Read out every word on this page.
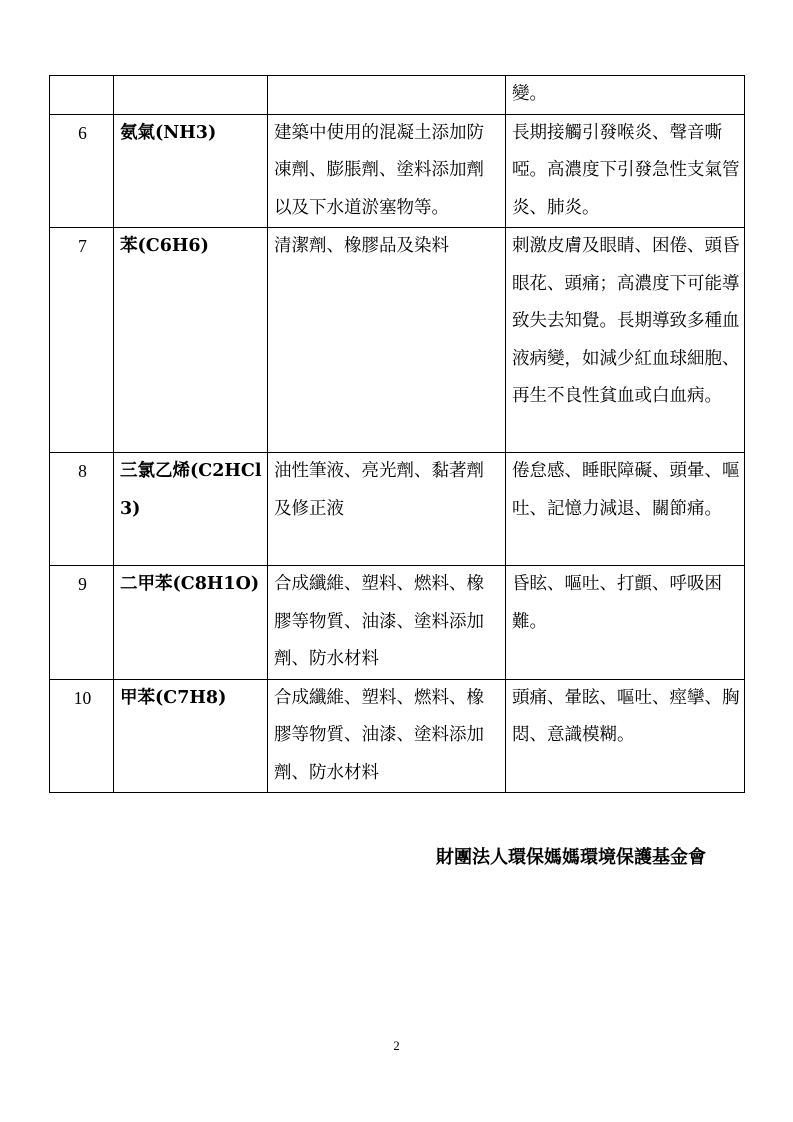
			變。
6	氨氣(NH3)	建築中使用的混凝土添加防凍劑、膨脹劑、塗料添加劑以及下水道淤塞物等。	長期接觸引發喉炎、聲音嘶啞。高濃度下引發急性支氣管炎、肺炎。
7	苯(C6H6)	清潔劑、橡膠品及染料	刺激皮膚及眼睛、困倦、頭昏眼花、頭痛；高濃度下可能導致失去知覺。長期導致多種血液病變，如減少紅血球細胞、再生不良性貧血或白血病。
8	三氯乙烯(C2HCl3)	油性筆液、亮光劑、黏著劑及修正液	倦怠感、睡眠障礙、頭暈、嘔吐、記憶力減退、關節痛。
9	二甲苯(C8H1O)	合成纖維、塑料、燃料、橡膠等物質、油漆、塗料添加劑、防水材料	昏眩、嘔吐、打顫、呼吸困難。
10	甲苯(C7H8)	合成纖維、塑料、燃料、橡膠等物質、油漆、塗料添加劑、防水材料	頭痛、暈眩、嘔吐、痙攣、胸悶、意識模糊。
財團法人環保媽媽環境保護基金會
2
